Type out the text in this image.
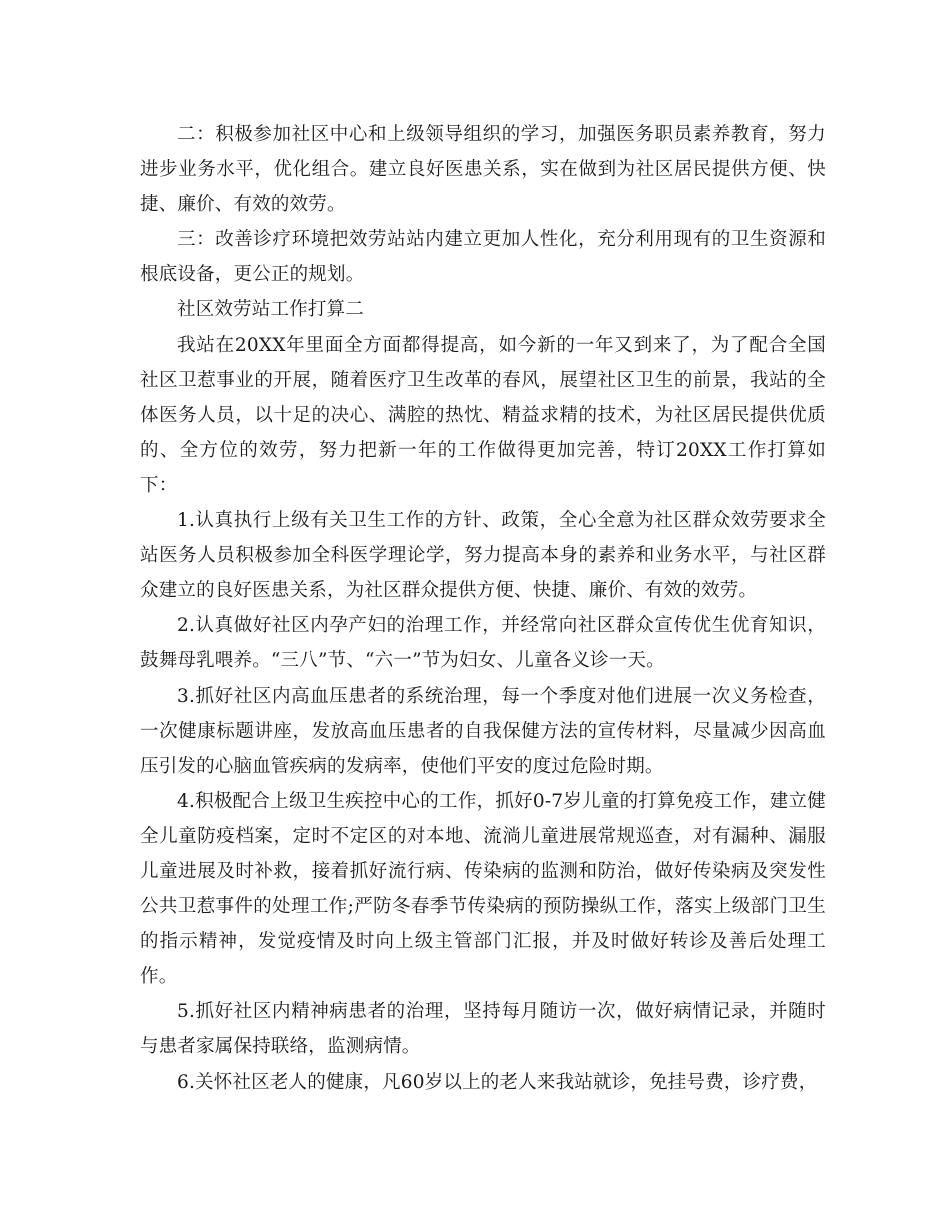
二：积极参加社区中心和上级领导组织的学习，加强医务职员素养教育，努力进步业务水平，优化组合。建立良好医患关系，实在做到为社区居民提供方便、快捷、廉价、有效的效劳。

三：改善诊疗环境把效劳站站内建立更加人性化，充分利用现有的卫生资源和根底设备，更公正的规划。

社区效劳站工作打算二

我站在20XX年里面全方面都得提高，如今新的一年又到来了，为了配合全国社区卫惹事业的开展，随着医疗卫生改革的春风，展望社区卫生的前景，我站的全体医务人员，以十足的决心、满腔的热忱、精益求精的技术，为社区居民提供优质的、全方位的效劳，努力把新一年的工作做得更加完善，特订20XX工作打算如下：

1.认真执行上级有关卫生工作的方针、政策，全心全意为社区群众效劳要求全站医务人员积极参加全科医学理论学，努力提高本身的素养和业务水平，与社区群众建立的良好医患关系，为社区群众提供方便、快捷、廉价、有效的效劳。

2.认真做好社区内孕产妇的治理工作，并经常向社区群众宣传优生优育知识，鼓舞母乳喂养。“三八”节、“六一”节为妇女、儿童各义诊一天。

3.抓好社区内高血压患者的系统治理，每一个季度对他们进展一次义务检查，一次健康标题讲座，发放高血压患者的自我保健方法的宣传材料，尽量减少因高血压引发的心脑血管疾病的发病率，使他们平安的度过危险时期。

4.积极配合上级卫生疾控中心的工作，抓好0-7岁儿童的打算免疫工作，建立健全儿童防疫档案，定时不定区的对本地、流淌儿童进展常规巡查，对有漏种、漏服儿童进展及时补救，接着抓好流行病、传染病的监测和防治，做好传染病及突发性公共卫惹事件的处理工作;严防冬春季节传染病的预防操纵工作，落实上级部门卫生的指示精神，发觉疫情及时向上级主管部门汇报，并及时做好转诊及善后处理工作。

5.抓好社区内精神病患者的治理，坚持每月随访一次，做好病情记录，并随时与患者家属保持联络，监测病情。

6.关怀社区老人的健康，凡60岁以上的老人来我站就诊，免挂号费，诊疗费，
